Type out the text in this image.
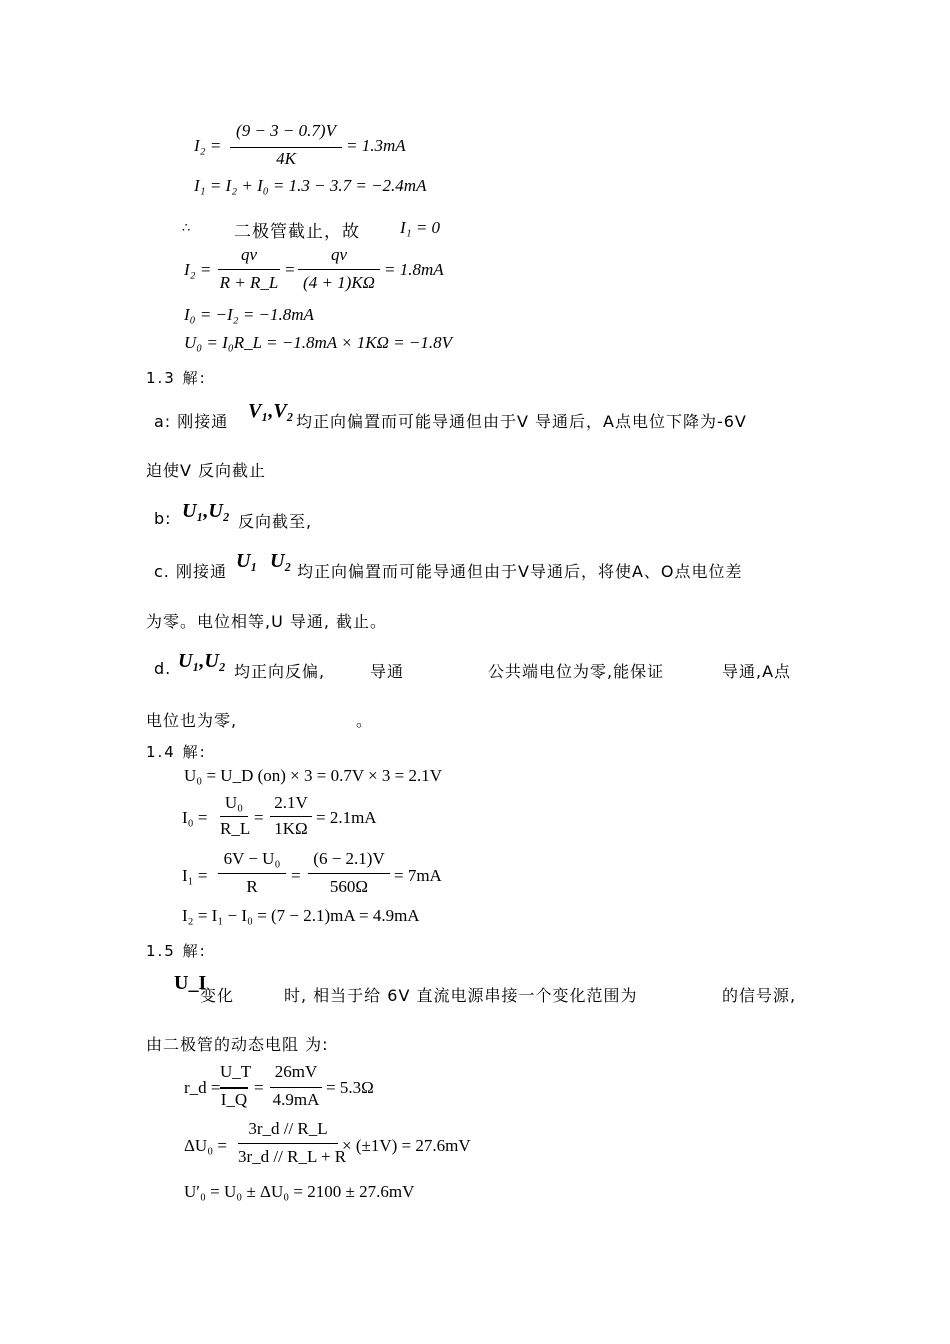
I₂ =
(9 − 3 − 0.7)V
4K
= 1.3mA
I₁ = I₂ + I₀ = 1.3 − 3.7 = −2.4mA
∴	二极管截止，故 I₁ = 0
I₂ =
qv
R + R_L
=
qv
(4 + 1)KΩ
= 1.8mA
I₀ = −I₂ = −1.8mA
U₀ = I₀R_L = −1.8mA × 1KΩ = −1.8V
1.3 解:
a: 刚接通 V₁,V₂ 均正向偏置而可能导通但由于V 导通后，A点电位下降为-6V
迫使V 反向截止
b: U₁,U₂ 反向截至,
c. 刚接通 U₁ U₂ 均正向偏置而可能导通但由于V导通后，将使A、O点电位差
为零。电位相等,U 导通, 截止。
d. U₁,U₂ 均正向反偏,	导通	公共端电位为零,能保证	导通,A点
电位也为零,	。
1.4 解:
U₀ = U_D (on) × 3 = 0.7V × 3 = 2.1V
I₀ =
U₀
R_L
=
2.1V
1KΩ
= 2.1mA
I₁ =
6V − U₀
R
=
(6 − 2.1)V
560Ω
= 7mA
I₂ = I₁ − I₀ = (7 − 2.1)mA = 4.9mA
1.5 解:
U_I
变化	时, 相当于给 6V 直流电源串接一个变化范围为	的信号源,
由二极管的动态电阻 为:
r_d =
U_T
I_Q
=
26mV
4.9mA
= 5.3Ω
ΔU₀ =
3r_d // R_L
3r_d // R_L + R
× (±1V) = 27.6mV
U′₀ = U₀ ± ΔU₀ = 2100 ± 27.6mV
